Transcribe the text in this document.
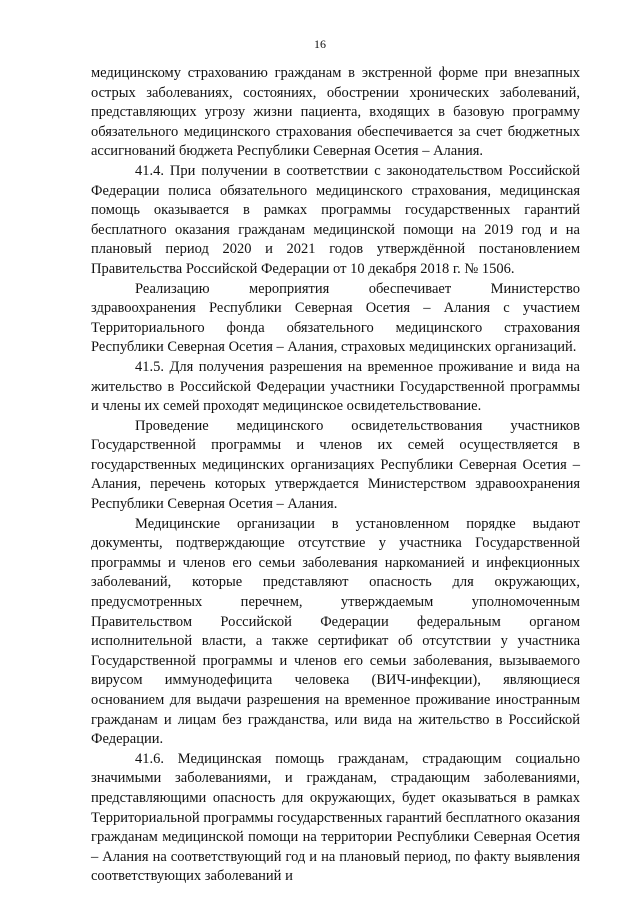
16

медицинскому страхованию гражданам в экстренной форме при внезапных острых заболеваниях, состояниях, обострении хронических заболеваний, представляющих угрозу жизни пациента, входящих в базовую программу обязательного медицинского страхования обеспечивается за счет бюджетных ассигнований бюджета Республики Северная Осетия – Алания.

41.4. При получении в соответствии с законодательством Российской Федерации полиса обязательного медицинского страхования, медицинская помощь оказывается в рамках программы государственных гарантий бесплатного оказания гражданам медицинской помощи на 2019 год и на плановый период 2020 и 2021 годов утверждённой постановлением Правительства Российской Федерации от 10 декабря 2018 г. № 1506.

Реализацию мероприятия обеспечивает Министерство здравоохранения Республики Северная Осетия – Алания с участием Территориального фонда обязательного медицинского страхования Республики Северная Осетия – Алания, страховых медицинских организаций.

41.5. Для получения разрешения на временное проживание и вида на жительство в Российской Федерации участники Государственной программы и члены их семей проходят медицинское освидетельствование.

Проведение медицинского освидетельствования участников Государственной программы и членов их семей осуществляется в государственных медицинских организациях Республики Северная Осетия – Алания, перечень которых утверждается Министерством здравоохранения Республики Северная Осетия – Алания.

Медицинские организации в установленном порядке выдают документы, подтверждающие отсутствие у участника Государственной программы и членов его семьи заболевания наркоманией и инфекционных заболеваний, которые представляют опасность для окружающих, предусмотренных перечнем, утверждаемым уполномоченным Правительством Российской Федерации федеральным органом исполнительной власти, а также сертификат об отсутствии у участника Государственной программы и членов его семьи заболевания, вызываемого вирусом иммунодефицита человека (ВИЧ-инфекции), являющиеся основанием для выдачи разрешения на временное проживание иностранным гражданам и лицам без гражданства, или вида на жительство в Российской Федерации.

41.6. Медицинская помощь гражданам, страдающим социально значимыми заболеваниями, и гражданам, страдающим заболеваниями, представляющими опасность для окружающих, будет оказываться в рамках Территориальной программы государственных гарантий бесплатного оказания гражданам медицинской помощи на территории Республики Северная Осетия – Алания на соответствующий год и на плановый период, по факту выявления соответствующих заболеваний и
